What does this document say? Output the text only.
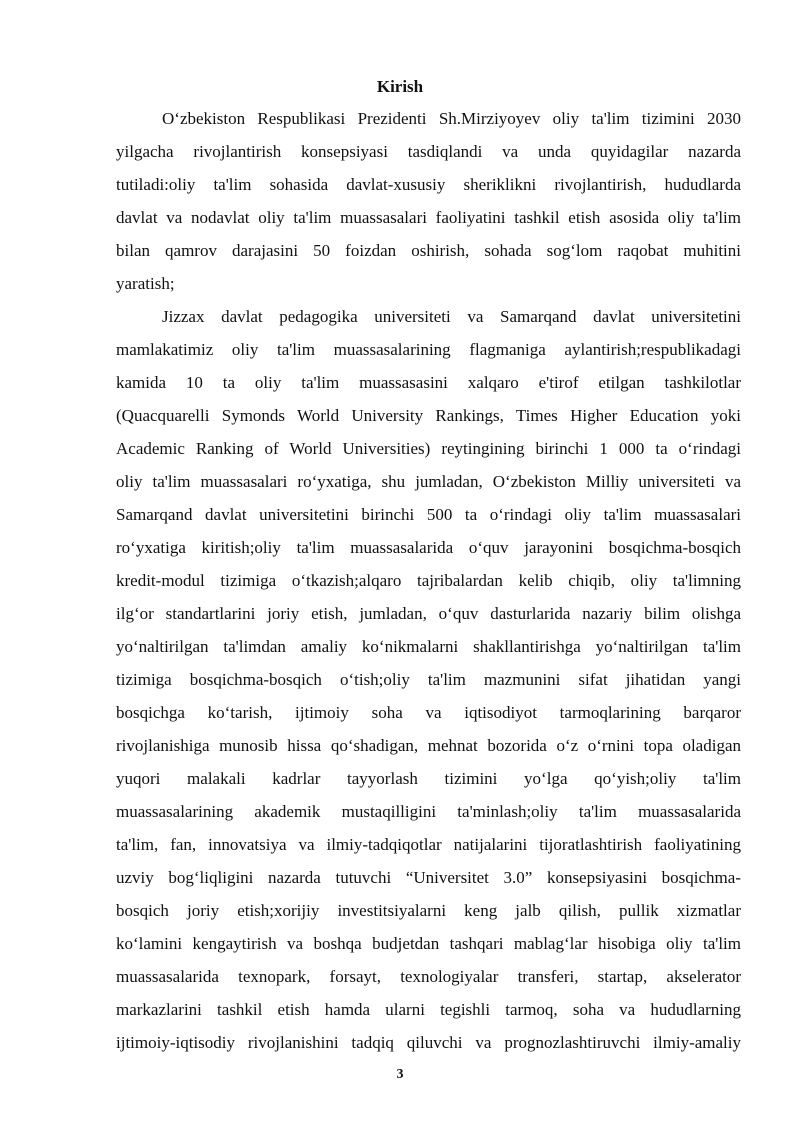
Kirish

O‘zbekiston Respublikasi Prezidenti Sh.Mirziyoyev oliy ta'lim tizimini 2030

yilgacha rivojlantirish konsepsiyasi tasdiqlandi va unda quyidagilar nazarda

tutiladi:oliy ta'lim sohasida davlat-xususiy sheriklikni rivojlantirish, hududlarda

davlat va nodavlat oliy ta'lim muassasalari faoliyatini tashkil etish asosida oliy ta'lim

bilan qamrov darajasini 50 foizdan oshirish, sohada sog‘lom raqobat muhitini

yaratish;

Jizzax davlat pedagogika universiteti va Samarqand davlat universitetini

mamlakatimiz oliy ta'lim muassasalarining flagmaniga aylantirish;respublikadagi

kamida 10 ta oliy ta'lim muassasasini xalqaro e'tirof etilgan tashkilotlar

(Quacquarelli Symonds World University Rankings, Times Higher Education yoki

Academic Ranking of World Universities) reytingining birinchi 1 000 ta o‘rindagi

oliy ta'lim muassasalari ro‘yxatiga, shu jumladan, O‘zbekiston Milliy universiteti va

Samarqand davlat universitetini birinchi 500 ta o‘rindagi oliy ta'lim muassasalari

ro‘yxatiga kiritish;oliy ta'lim muassasalarida o‘quv jarayonini bosqichma-bosqich

kredit-modul tizimiga o‘tkazish;alqaro tajribalardan kelib chiqib, oliy ta'limning

ilg‘or standartlarini joriy etish, jumladan, o‘quv dasturlarida nazariy bilim olishga

yo‘naltirilgan ta'limdan amaliy ko‘nikmalarni shakllantirishga yo‘naltirilgan ta'lim

tizimiga bosqichma-bosqich o‘tish;oliy ta'lim mazmunini sifat jihatidan yangi

bosqichga ko‘tarish, ijtimoiy soha va iqtisodiyot tarmoqlarining barqaror

rivojlanishiga munosib hissa qo‘shadigan, mehnat bozorida o‘z o‘rnini topa oladigan

yuqori malakali kadrlar tayyorlash tizimini yo‘lga qo‘yish;oliy ta'lim

muassasalarining akademik mustaqilligini ta'minlash;oliy ta'lim muassasalarida

ta'lim, fan, innovatsiya va ilmiy-tadqiqotlar natijalarini tijoratlashtirish faoliyatining

uzviy bog‘liqligini nazarda tutuvchi “Universitet 3.0” konsepsiyasini bosqichma-

bosqich joriy etish;xorijiy investitsiyalarni keng jalb qilish, pullik xizmatlar

ko‘lamini kengaytirish va boshqa budjetdan tashqari mablag‘lar hisobiga oliy ta'lim

muassasalarida texnopark, forsayt, texnologiyalar transferi, startap, akselerator

markazlarini tashkil etish hamda ularni tegishli tarmoq, soha va hududlarning

ijtimoiy-iqtisodiy rivojlanishini tadqiq qiluvchi va prognozlashtiruvchi ilmiy-amaliy

3
